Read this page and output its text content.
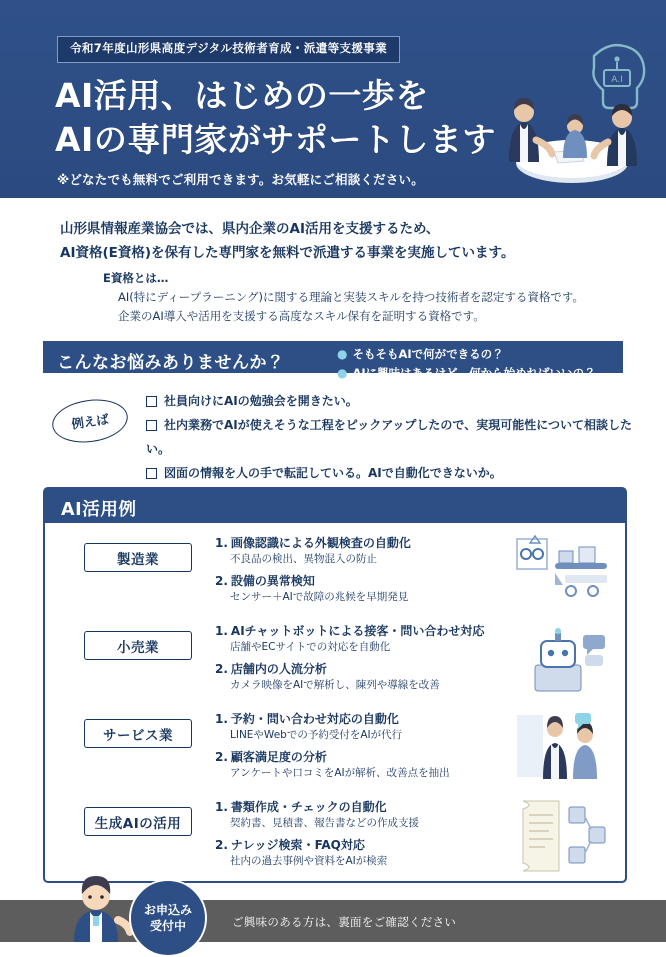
令和7年度山形県高度デジタル技術者育成・派遣等支援事業
AI活用、はじめの一歩を
AIの専門家がサポートします
※どなたでも無料でご利用できます。お気軽にご相談ください。
A.I
山形県情報産業協会では、県内企業のAI活用を支援するため、
AI資格(E資格)を保有した専門家を無料で派遣する事業を実施しています。
E資格とは…
AI(特にディープラーニング)に関する理論と実装スキルを持つ技術者を認定する資格です。
企業のAI導入や活用を支援する高度なスキル保有を証明する資格です。
こんなお悩みありませんか？	● そもそもAIで何ができるの？
● AIに興味はあるけど、何から始めればいいの？
例えば
社員向けにAIの勉強会を開きたい。
社内業務でAIが使えそうな工程をピックアップしたので、実現可能性について相談したい。
図面の情報を人の手で転記している。AIで自動化できないか。
AI活用例
製造業
1. 画像認識による外観検査の自動化
不良品の検出、異物混入の防止
2. 設備の異常検知
センサー＋AIで故障の兆候を早期発見
小売業
1. AIチャットボットによる接客・問い合わせ対応
店舗やECサイトでの対応を自動化
2. 店舗内の人流分析
カメラ映像をAIで解析し、陳列や導線を改善
サービス業
1. 予約・問い合わせ対応の自動化
LINEやWebでの予約受付をAIが代行
2. 顧客満足度の分析
アンケートや口コミをAIが解析、改善点を抽出
生成AIの活用
1. 書類作成・チェックの自動化
契約書、見積書、報告書などの作成支援
2. ナレッジ検索・FAQ対応
社内の過去事例や資料をAIが検索
ご興味のある方は、裏面をご確認ください
お申込み
受付中
